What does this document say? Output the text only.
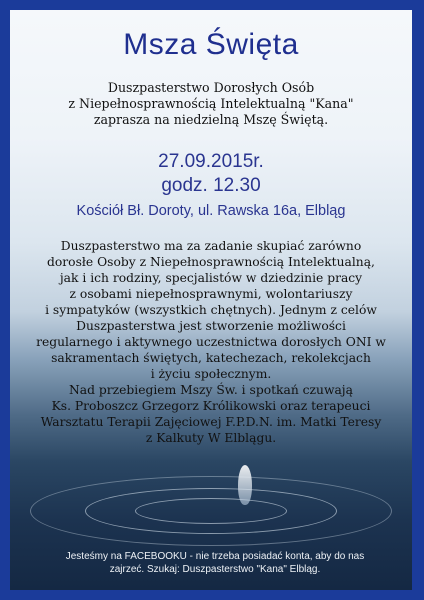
Msza Święta
Duszpasterstwo Dorosłych Osób
z Niepełnosprawnością Intelektualną "Kana"
zaprasza na niedzielną Mszę Świętą.
27.09.2015r.
godz. 12.30
Kościół Bł. Doroty, ul. Rawska 16a, Elbląg
Duszpasterstwo ma za zadanie skupiać zarówno
dorosłe Osoby z Niepełnosprawnością Intelektualną,
jak i ich rodziny, specjalistów w dziedzinie pracy
z osobami niepełnosprawnymi, wolontariuszy
i sympatyków (wszystkich chętnych). Jednym z celów
Duszpasterstwa jest stworzenie możliwości
regularnego i aktywnego uczestnictwa dorosłych ONI w
sakramentach świętych, katechezach, rekolekcjach
i życiu społecznym.
Nad przebiegiem Mszy Św. i spotkań czuwają
Ks. Proboszcz Grzegorz Królikowski oraz terapeuci
Warsztatu Terapii Zajęciowej F.P.D.N. im. Matki Teresy
z Kalkuty W Elblągu.
Jesteśmy na FACEBOOKU - nie trzeba posiadać konta, aby do nas
zajrzeć. Szukaj: Duszpasterstwo "Kana" Elbląg.
